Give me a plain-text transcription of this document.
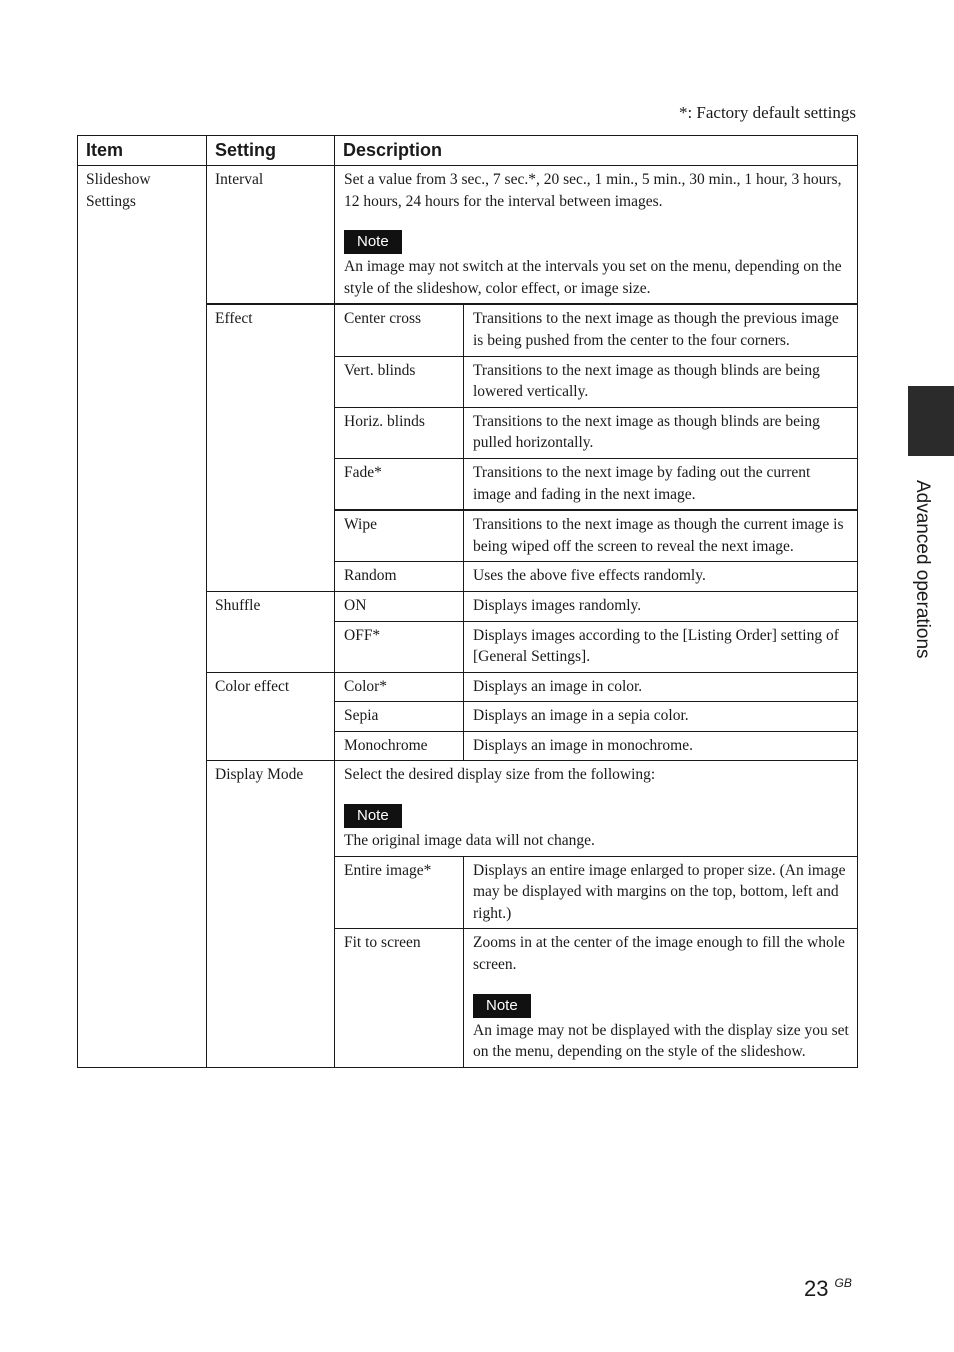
*: Factory default settings
Item	Setting	Description	
Slideshow Settings	Interval	Set a value from 3 sec., 7 sec.*, 20 sec., 1 min., 5 min., 30 min., 1 hour, 3 hours, 12 hours, 24 hours for the interval between images.
Note
An image may not switch at the intervals you set on the menu, depending on the style of the slideshow, color effect, or image size.	

	Effect	Center cross	Transitions to the next image as though the previous image is being pushed from the center to the four corners.
		Vert. blinds	Transitions to the next image as though blinds are being lowered vertically.
		Horiz. blinds	Transitions to the next image as though blinds are being pulled horizontally.
		Fade*	Transitions to the next image by fading out the current image and fading in the next image.
		Wipe	Transitions to the next image as though the current image is being wiped off the screen to reveal the next image.
		Random	Uses the above five effects randomly.
	Shuffle	ON	Displays images randomly.
		OFF*	Displays images according to the [Listing Order] setting of [General Settings].
	Color effect	Color*	Displays an image in color.
		Sepia	Displays an image in a sepia color.
		Monochrome	Displays an image in monochrome.
	Display Mode	Select the desired display size from the following:
Note
The original image data will not change.	

		Entire image*	Displays an entire image enlarged to proper size. (An image may be displayed with margins on the top, bottom, left and right.)
		Fit to screen	Zooms in at the center of the image enough to fill the whole screen.
Note
An image may not be displayed with the display size you set on the menu, depending on the style of the slideshow.
Advanced operations
23 $^{GB}$
